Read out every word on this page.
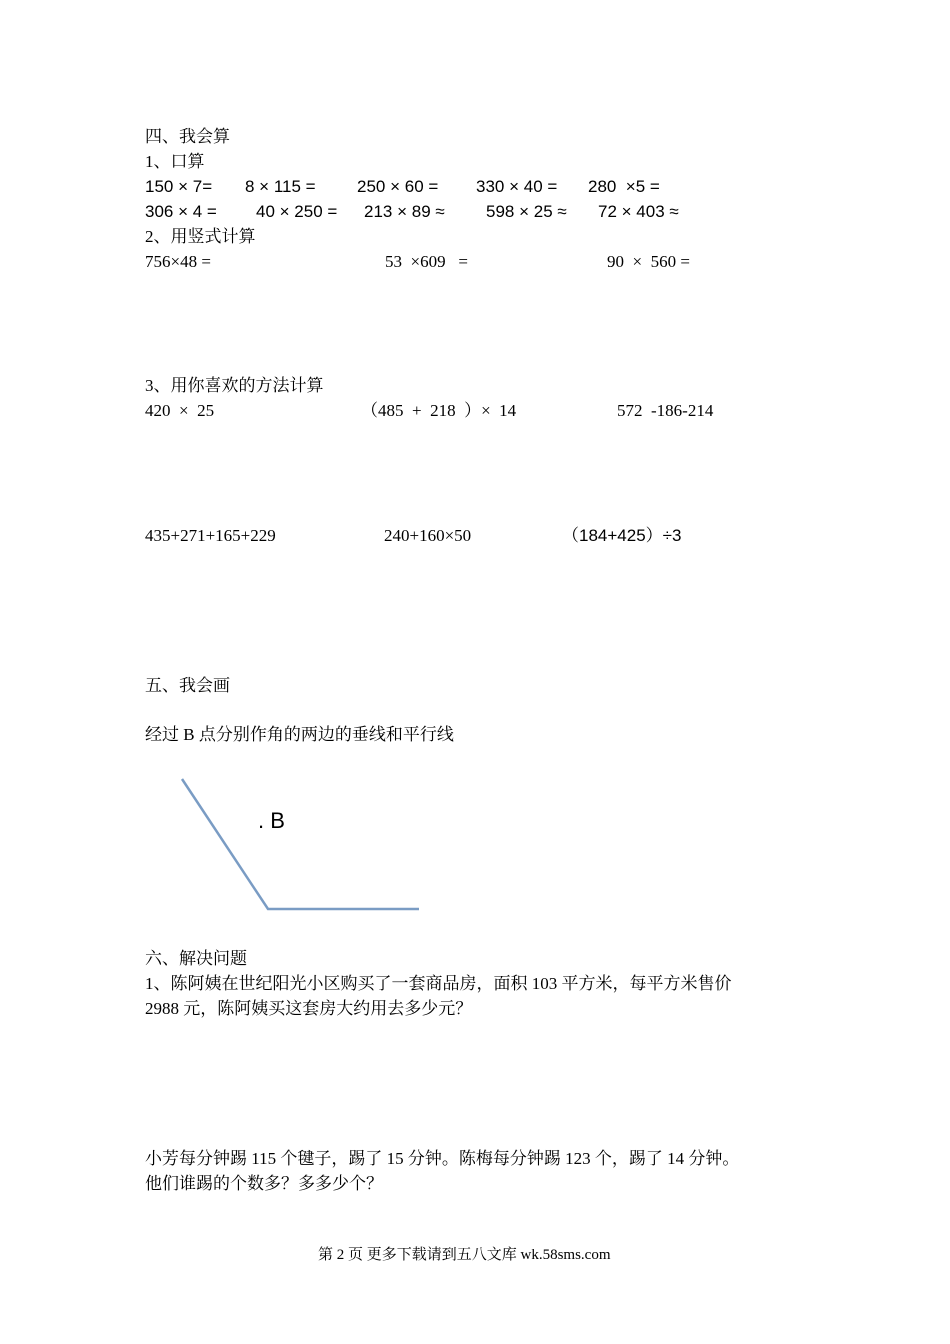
四、我会算
1、口算
150 × 7= 8 × 115 = 250 × 60 = 330 × 40 = 280  ×5 =
306 × 4 = 40 × 250 = 213 × 89 ≈ 598 × 25 ≈ 72 × 403 ≈
2、用竖式计算
756×48 =	53  ×609   =	90  ×  560 =
3、用你喜欢的方法计算
420  ×  25	（485  +  218  ）×  14	572  -186-214
435+271+165+229	240+160×50	（184+425）÷3
五、我会画
经过 B 点分别作角的两边的垂线和平行线
. B
六、解决问题
1、陈阿姨在世纪阳光小区购买了一套商品房，面积 103 平方米，每平方米售价
2988 元，陈阿姨买这套房大约用去多少元？
小芳每分钟踢 115 个毽子，踢了 15 分钟。陈梅每分钟踢 123 个，踢了 14 分钟。
他们谁踢的个数多？多多少个？
第 2 页 更多下载请到五八文库 wk.58sms.com
